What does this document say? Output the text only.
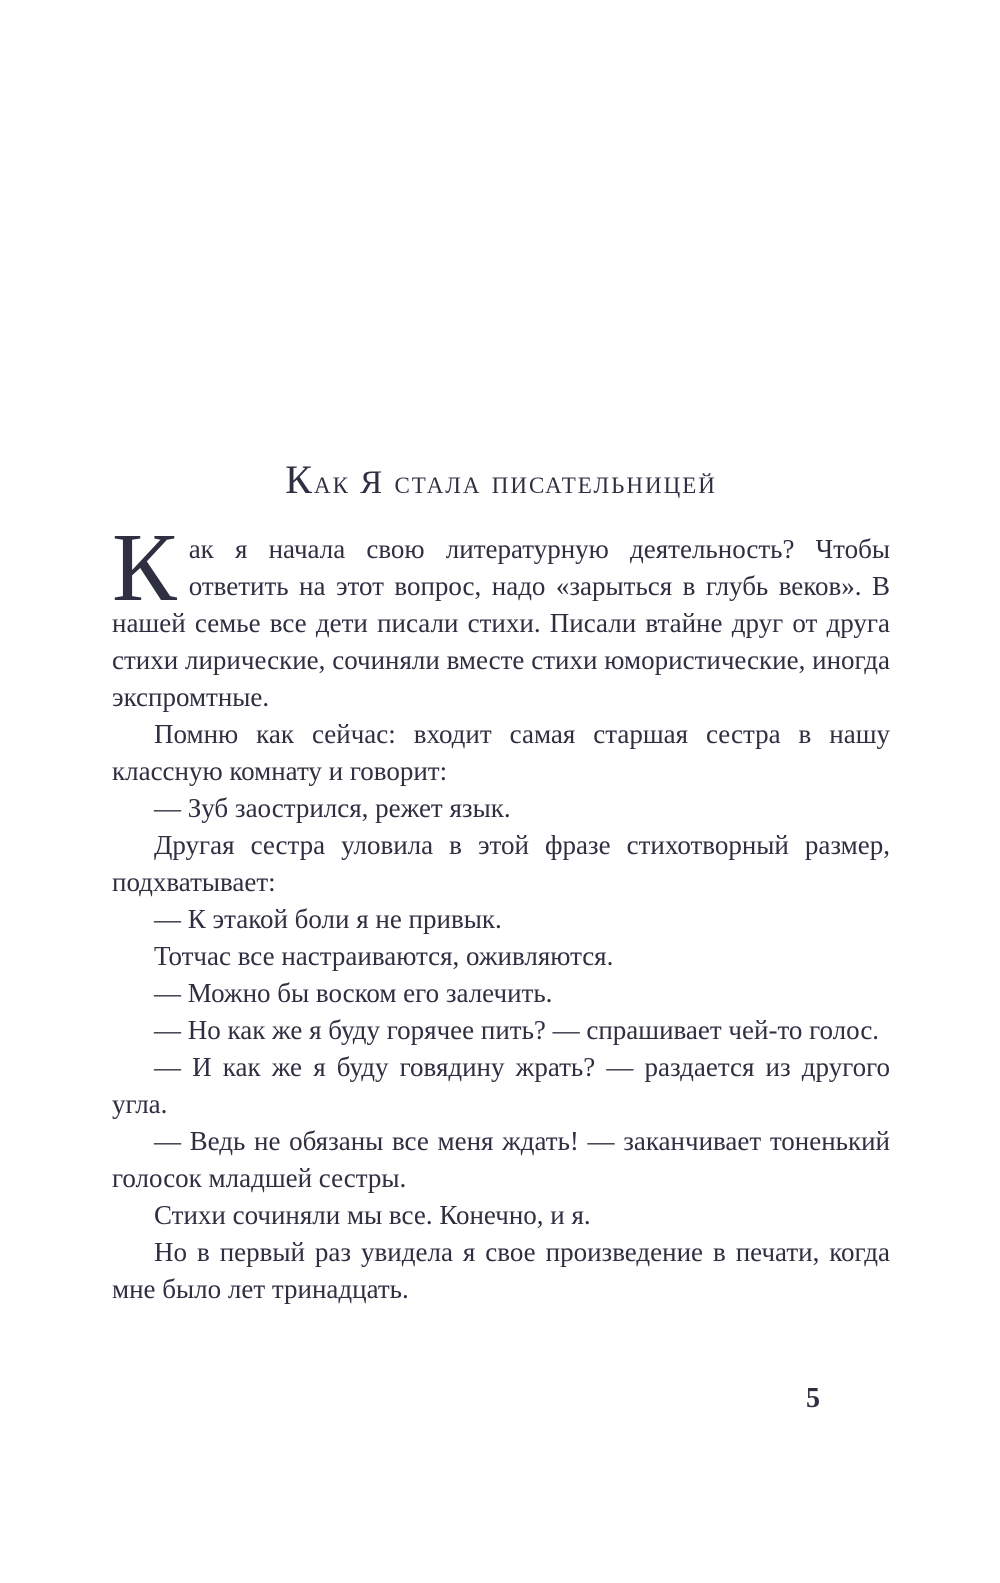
Как Я стала писательницей

Как я начала свою литературную деятельность? Чтобы ответить на этот вопрос, надо «зарыться в глубь веков». В нашей семье все дети писали стихи. Писали втайне друг от друга стихи лирические, сочиняли вместе стихи юмористические, иногда экспромтные.

Помню как сейчас: входит самая старшая сестра в нашу классную комнату и говорит:

— Зуб заострился, режет язык.

Другая сестра уловила в этой фразе стихотворный размер, подхватывает:

— К этакой боли я не привык.

Тотчас все настраиваются, оживляются.

— Можно бы воском его залечить.

— Но как же я буду горячее пить? — спрашивает чей-то голос.

— И как же я буду говядину жрать? — раздается из другого угла.

— Ведь не обязаны все меня ждать! — заканчивает тоненький голосок младшей сестры.

Стихи сочиняли мы все. Конечно, и я.

Но в первый раз увидела я свое произведение в печати, когда мне было лет тринадцать.

5
